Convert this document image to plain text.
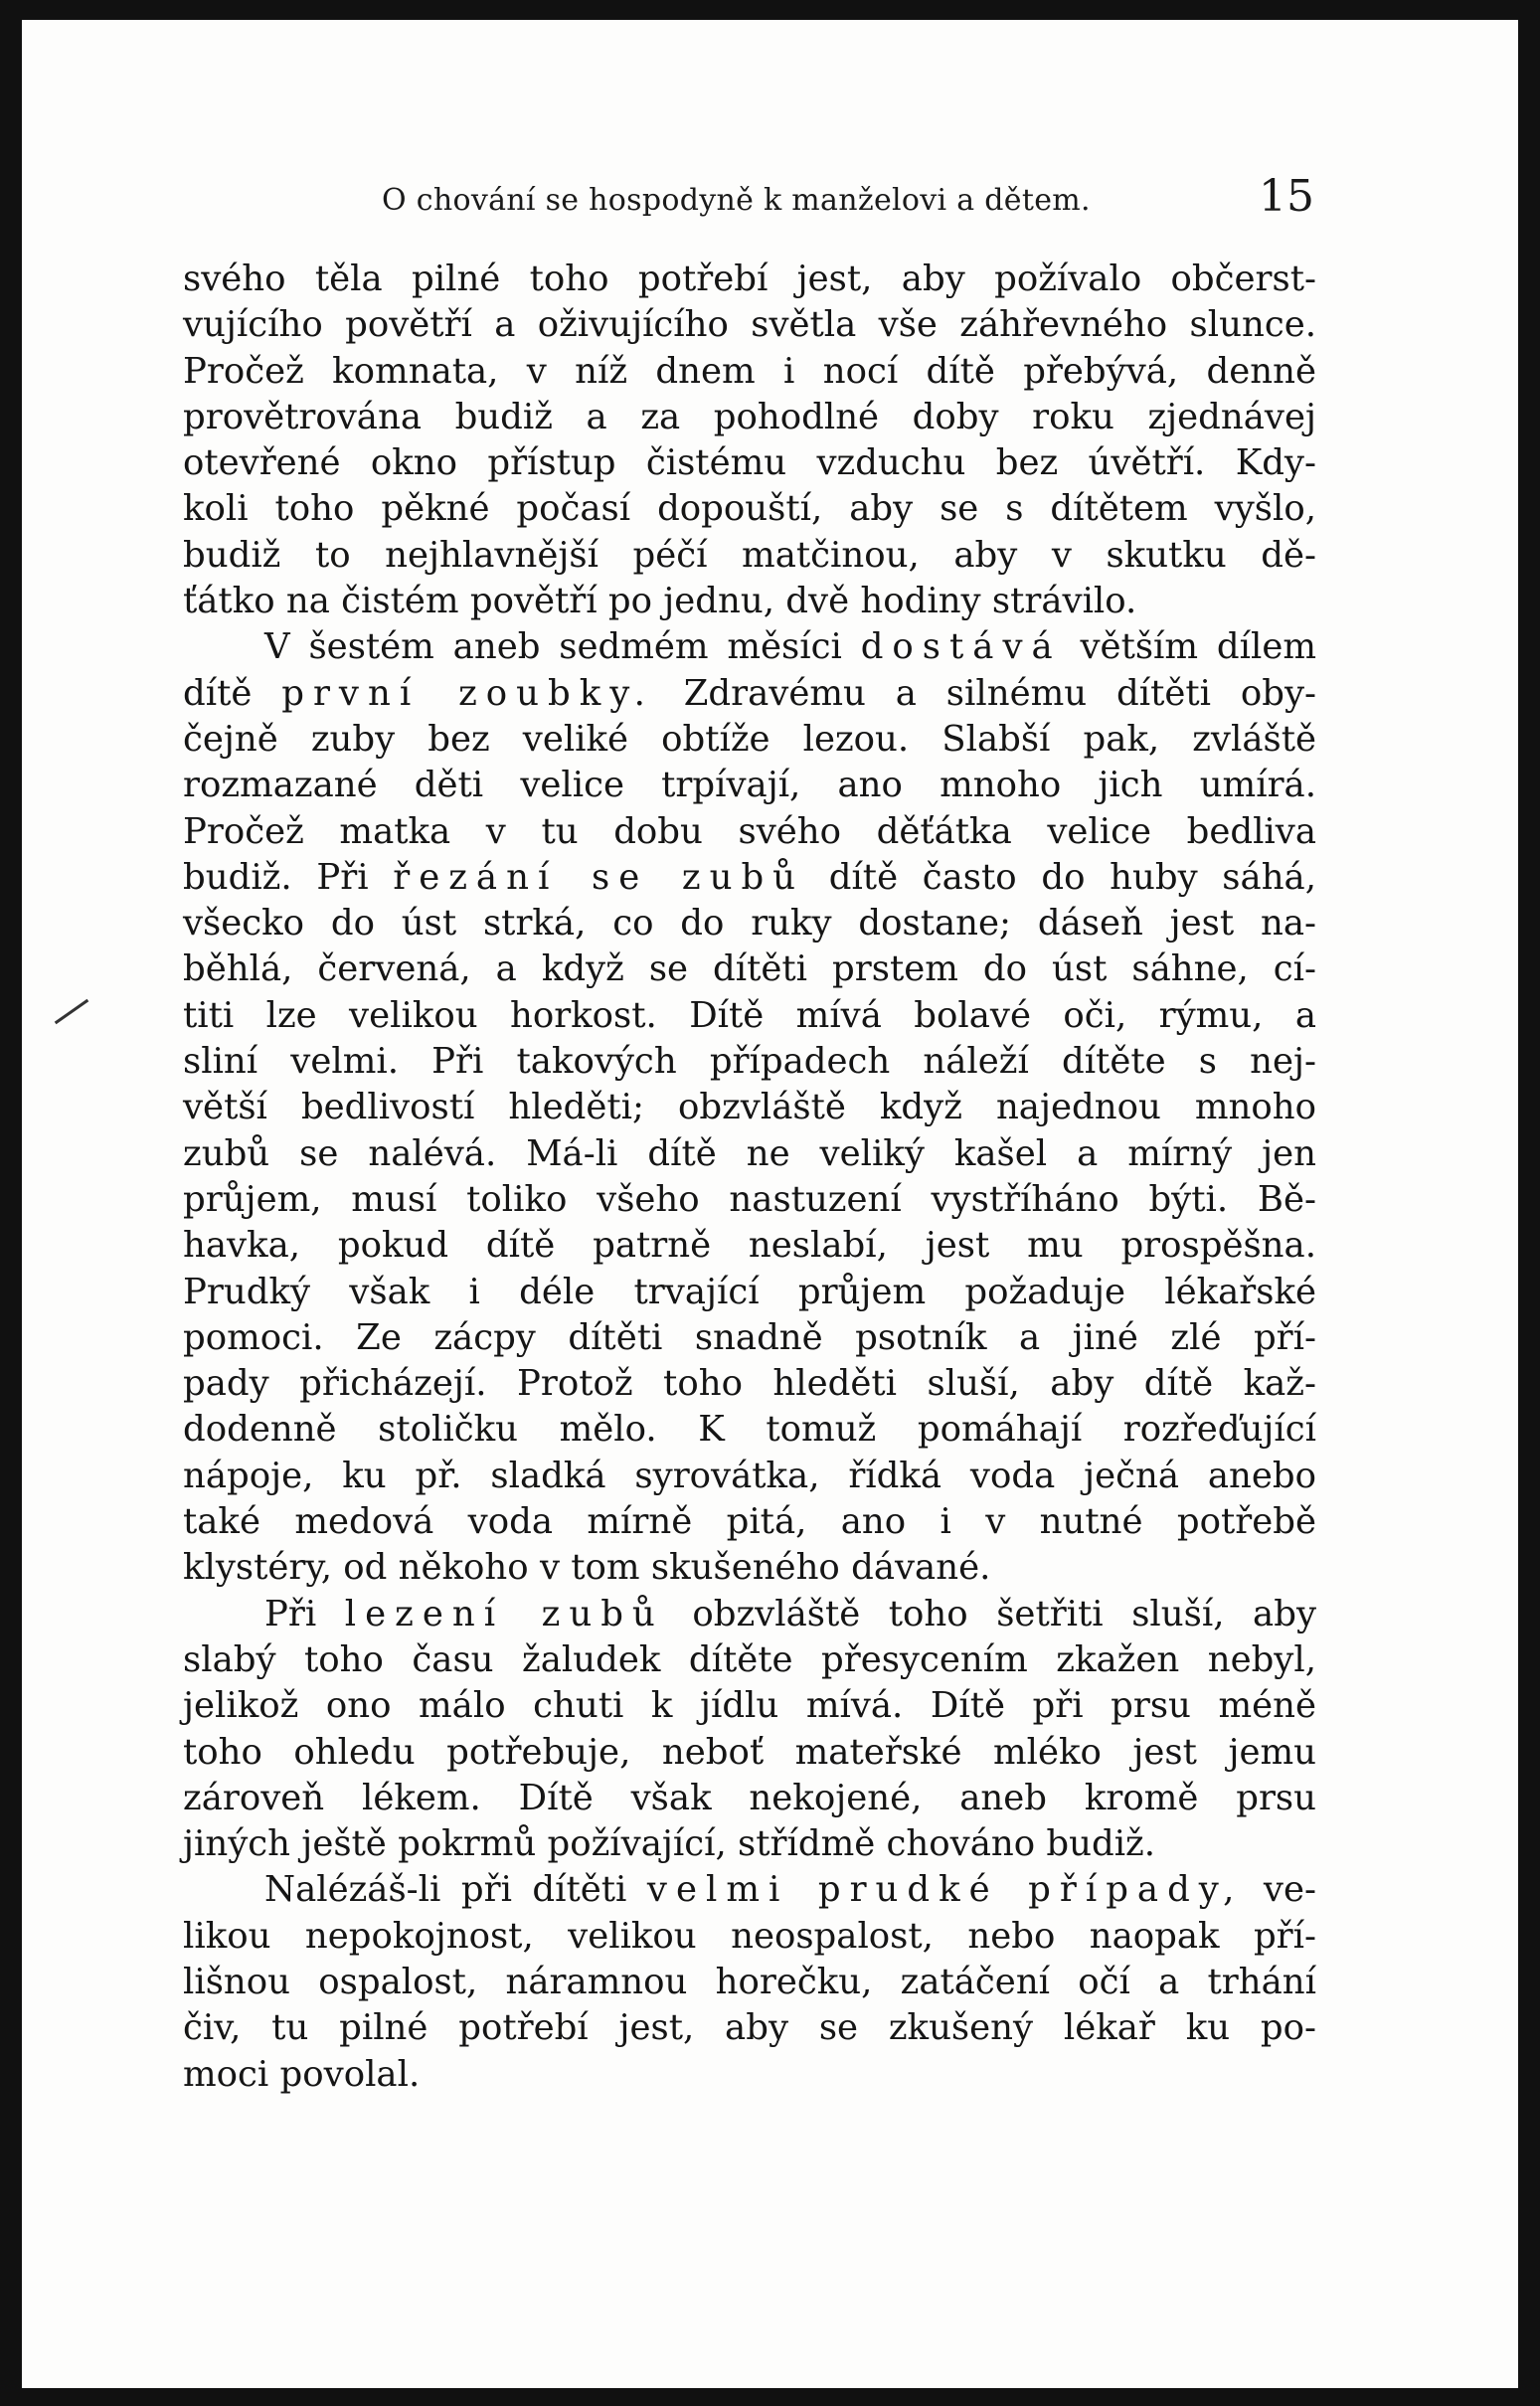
O chování se hospodyně k manželovi a dětem.	15
svého těla pilné toho potřebí jest, aby požívalo občerst-
vujícího povětří a oživujícího světla vše záhřevného slunce.
Pročež komnata, v níž dnem i nocí dítě přebývá, denně
provětrována budiž a za pohodlné doby roku zjednávej
otevřené okno přístup čistému vzduchu bez úvětří. Kdy-
koli toho pěkné počasí dopouští, aby se s dítětem vyšlo,
budiž to nejhlavnější péčí matčinou, aby v skutku dě-
ťátko na čistém povětří po jednu, dvě hodiny strávilo.
V šestém aneb sedmém měsíci dostává větším dílem
dítě první zoubky. Zdravému a silnému dítěti oby-
čejně zuby bez veliké obtíže lezou. Slabší pak, zvláště
rozmazané děti velice trpívají, ano mnoho jich umírá.
Pročež matka v tu dobu svého děťátka velice bedliva
budiž. Při řezání se zubů dítě často do huby sáhá,
všecko do úst strká, co do ruky dostane; dáseň jest na-
běhlá, červená, a když se dítěti prstem do úst sáhne, cí-
titi lze velikou horkost. Dítě mívá bolavé oči, rýmu, a
sliní velmi. Při takových případech náleží dítěte s nej-
větší bedlivostí hleděti; obzvláště když najednou mnoho
zubů se nalévá. Má-li dítě ne veliký kašel a mírný jen
průjem, musí toliko všeho nastuzení vystříháno býti. Bě-
havka, pokud dítě patrně neslabí, jest mu prospěšna.
Prudký však i déle trvající průjem požaduje lékařské
pomoci. Ze zácpy dítěti snadně psotník a jiné zlé pří-
pady přicházejí. Protož toho hleděti sluší, aby dítě kaž-
dodenně stoličku mělo. K tomuž pomáhají rozřeďující
nápoje, ku př. sladká syrovátka, řídká voda ječná anebo
také medová voda mírně pitá, ano i v nutné potřebě
klystéry, od někoho v tom skušeného dávané.
Při lezení zubů obzvláště toho šetřiti sluší, aby
slabý toho času žaludek dítěte přesycením zkažen nebyl,
jelikož ono málo chuti k jídlu mívá. Dítě při prsu méně
toho ohledu potřebuje, neboť mateřské mléko jest jemu
zároveň lékem. Dítě však nekojené, aneb kromě prsu
jiných ještě pokrmů požívající, střídmě chováno budiž.
Nalézáš-li při dítěti velmi prudké případy, ve-
likou nepokojnost, velikou neospalost, nebo naopak pří-
lišnou ospalost, náramnou horečku, zatáčení očí a trhání
čiv, tu pilné potřebí jest, aby se zkušený lékař ku po-
moci povolal.
